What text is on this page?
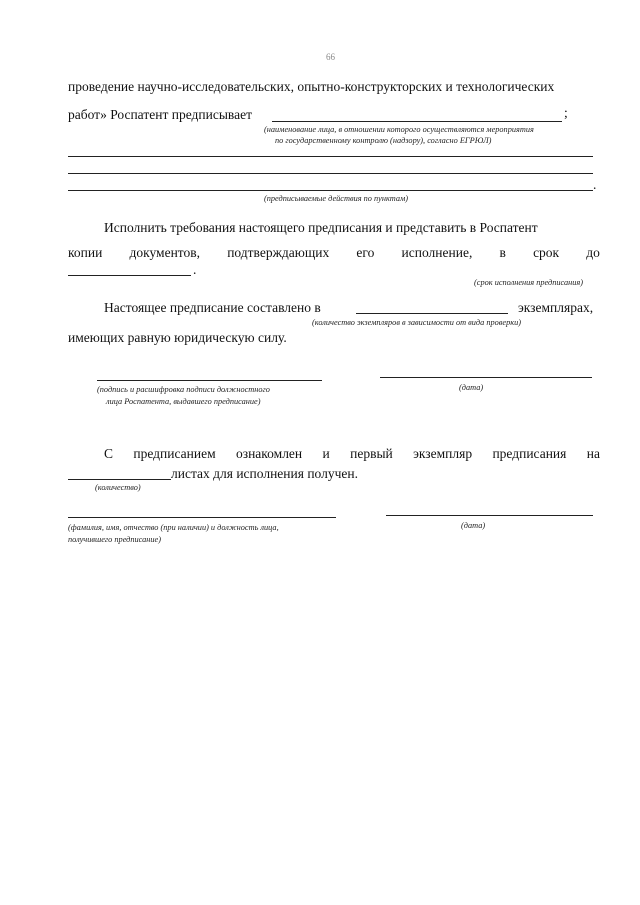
66
проведение научно-исследовательских, опытно-конструкторских и технологических
работ» Роспатент предписывает	;
(наименование лица, в отношении которого осуществляются мероприятия
по государственному контролю (надзору), согласно ЕГРЮЛ)
.
(предписываемые действия по пунктам)
Исполнить требования настоящего предписания и представить в Роспатент
копии документов, подтверждающих его исполнение, в срок до
.
(срок исполнения предписания)
Настоящее предписание составлено в	экземплярах,
(количество экземпляров в зависимости от вида проверки)
имеющих равную юридическую силу.
(подпись и расшифровка подписи должностного
лица Роспатента, выдавшего предписание)
(дата)
С предписанием ознакомлен и первый экземпляр предписания на
листах для исполнения получен.
(количество)
(фамилия, имя, отчество (при наличии) и должность лица,
получившего предписание)
(дата)
